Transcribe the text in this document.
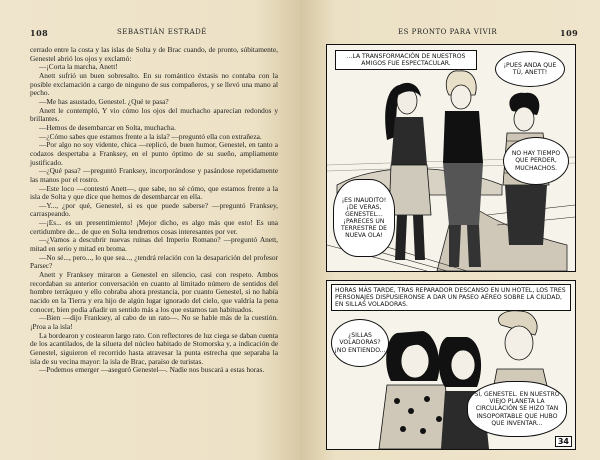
108	SEBASTIÁN ESTRADÉ

cerrado entre la costa y las islas de Solta y de Brac cuando, de pronto, súbitamente, Genestel abrió los ojos y exclamó:

—¡Corta la marcha, Anett!

Anett sufrió un buen sobresalto. En su romántico éxtasis no contaba con la posible exclamación a cargo de ninguno de sus compañeros, y se llevó una mano al pecho.

—Me has asustado, Genestel. ¿Qué te pasa?

Anett le contempló, Y vio cómo los ojos del muchacho aparecían redondos y brillantes.

—Hemos de desembarcar en Solta, muchacha.

—¿Cómo sabes que estamos frente a la isla? —preguntó ella con extrañeza.

—Por algo no soy vidente, chica —replicó, de buen humor, Genestel, en tanto a codazos despertaba a Franksey, en el punto óptimo de su sueño, ampliamente justificado.

—¿Qué pasa? —preguntó Franksey, incorporándose y pasándose repetidamente las manos por el rostro.

—Este loco —contestó Anett—, que sabe, no sé cómo, que estamos frente a la isla de Solta y que dice que hemos de desembarcar en ella.

—Y..., ¿por qué, Genestel, si es que puede saberse? —preguntó Franksey, carraspeando.

—¡Es... es un presentimiento! ¡Mejor dicho, es algo más que esto! Es una certidumbre de... de que en Solta tendremos cosas interesantes por ver.

—¿Vamos a descubrir nuevas ruinas del Imperio Romano? —preguntó Anett, mitad en serio y mitad en broma.

—No sé..., pero..., lo que sea..., ¿tendrá relación con la desaparición del profesor Parsec?

Anett y Franksey miraron a Genestel en silencio, casi con respeto. Ambos recordaban su anterior conversación en cuanto al limitado número de sentidos del hombre terráqueo y ello cobraba ahora prestancia, por cuanto Genestel, si no había nacido en la Tierra y era hijo de algún lugar ignorado del cielo, que valdría la pena conocer, bien podía añadir un sentido más a los que estamos tan habituados.

—Bien —dijo Franksey, al cabo de un rato—. No se hable más de la cuestión. ¡Proa a la isla!

La bordearon y costearon largo rato. Con reflectores de luz ciega se daban cuenta de los acantilados, de la silueta del núcleo habitado de Stomorska y, a indicación de Genestel, siguieron el recorrido hasta atravesar la punta estrecha que separaba la isla de su vecina mayor: la isla de Brac, paraíso de turistas.

—Podemos emerger —aseguró Genestel—. Nadie nos buscará a estas horas.

ES PRONTO PARA VIVIR	109
...LA TRANSFORMACIÓN DE NUESTROS AMIGOS FUE ESPECTACULAR.	¡PUES ANDA QUE TÚ, ANETT!
NO HAY TIEMPO QUE PERDER, MUCHACHOS.
¡ES INAUDITO! ¡DE VERAS, GENESTEL... ¡PARECES UN TERRESTRE DE NUEVA OLA!
HORAS MÁS TARDE, TRAS REPARADOR DESCANSO EN UN HOTEL, LOS TRES PERSONAJES DISPUSIERONSE A DAR UN PASEO AÉREO SOBRE LA CIUDAD, EN SILLAS VOLADORAS.
¿SILLAS VOLADORAS? ¡NO ENTIENDO...
SÍ, GENESTEL. EN NUESTRO VIEJO PLANETA LA CIRCULACIÓN SE HIZO TAN INSOPORTABLE QUE HUBO QUE INVENTAR...
34
